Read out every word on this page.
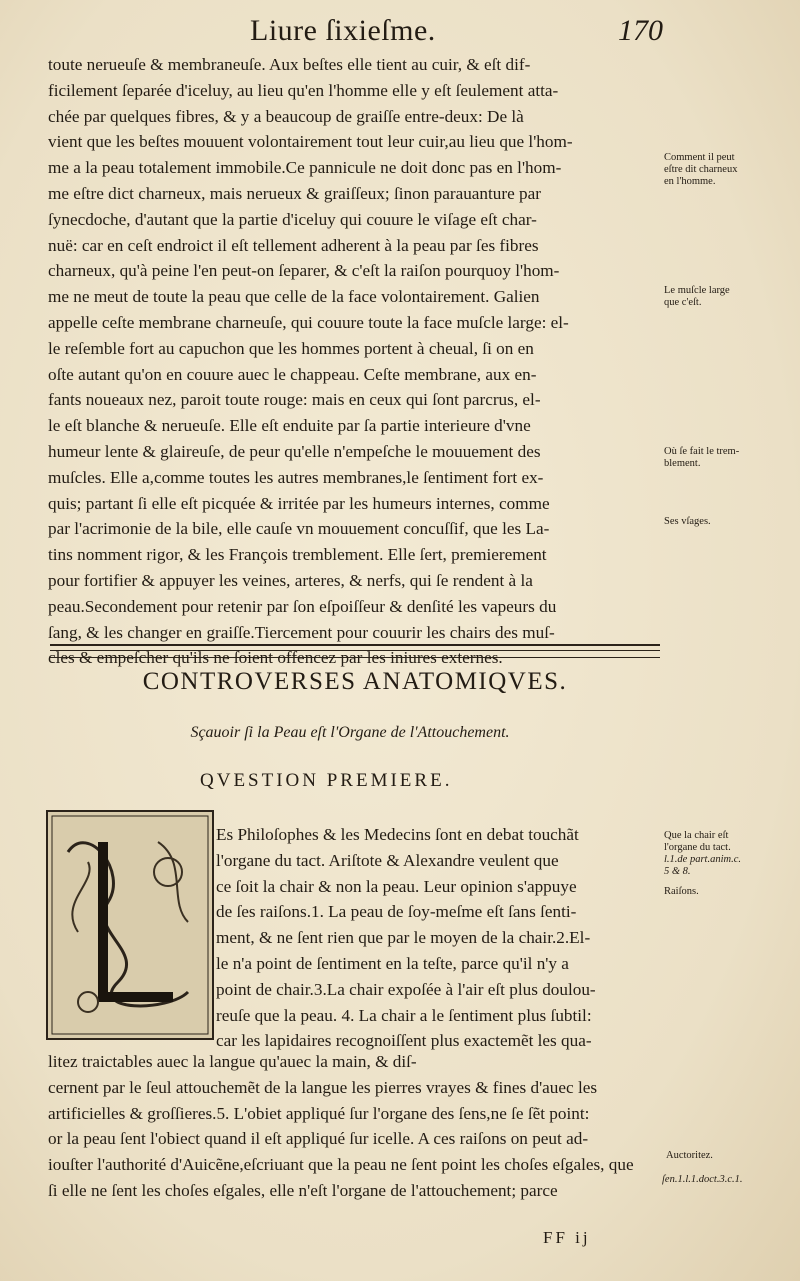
Liure ſixieſme.	170
toute nerueuſe & membraneuſe. Aux beſtes elle tient au cuir, & eſt dif-
ficilement ſeparée d'iceluy, au lieu qu'en l'homme elle y eſt ſeulement atta-
chée par quelques fibres, & y a beaucoup de graiſſe entre-deux: De là
vient que les beſtes mouuent volontairement tout leur cuir,au lieu que l'hom-
me a la peau totalement immobile.Ce pannicule ne doit donc pas en l'hom-
me eſtre dict charneux, mais nerueux & graiſſeux; ſinon parauanture par
ſynecdoche, d'autant que la partie d'iceluy qui couure le viſage eſt char-
nuë: car en ceſt endroict il eſt tellement adherent à la peau par ſes fibres
charneux, qu'à peine l'en peut-on ſeparer, & c'eſt la raiſon pourquoy l'hom-
me ne meut de toute la peau que celle de la face volontairement. Galien
appelle ceſte membrane charneuſe, qui couure toute la face muſcle large: el-
le reſemble fort au capuchon que les hommes portent à cheual, ſi on en
oſte autant qu'on en couure auec le chappeau. Ceſte membrane, aux en-
fants noueaux nez, paroit toute rouge: mais en ceux qui ſont parcrus, el-
le eſt blanche & nerueuſe. Elle eſt enduite par ſa partie interieure d'vne
humeur lente & glaireuſe, de peur qu'elle n'empeſche le mouuement des
muſcles. Elle a,comme toutes les autres membranes,le ſentiment fort ex-
quis; partant ſi elle eſt picquée & irritée par les humeurs internes, comme
par l'acrimonie de la bile, elle cauſe vn mouuement concuſſif, que les La-
tins nomment rigor, & les François tremblement. Elle ſert, premierement
pour fortifier & appuyer les veines, arteres, & nerfs, qui ſe rendent à la
peau.Secondement pour retenir par ſon eſpoiſſeur & denſité les vapeurs du
ſang, & les changer en graiſſe.Tiercement pour couurir les chairs des muſ-
cles & empeſcher qu'ils ne ſoient offencez par les iniures externes.
Comment il peut
eſtre dit charneux
en l'homme.
Le muſcle large
que c'eſt.
Où ſe fait le trem-
blement.
Ses vſages.
CONTROVERSES ANATOMIQVES.
Sçauoir ſi la Peau eſt l'Organe de l'Attouchement.
QVESTION PREMIERE.
Es Philoſophes & les Medecins ſont en debat touchãt
l'organe du tact. Ariſtote & Alexandre veulent que
ce ſoit la chair & non la peau. Leur opinion s'appuye
de ſes raiſons.1. La peau de ſoy-meſme eſt ſans ſenti-
ment, & ne ſent rien que par le moyen de la chair.2.El-
le n'a point de ſentiment en la teſte, parce qu'il n'y a
point de chair.3.La chair expoſée à l'air eſt plus doulou-
reuſe que la peau. 4. La chair a le ſentiment plus ſubtil:
car les lapidaires recognoiſſent plus exactemẽt les qua-
litez traictables auec la langue qu'auec la main, & diſ-
cernent par le ſeul attouchemẽt de la langue les pierres vrayes & fines d'auec les
artificielles & groſſieres.5. L'obiet appliqué ſur l'organe des ſens,ne ſe ſẽt point:
or la peau ſent l'obiect quand il eſt appliqué ſur icelle. A ces raiſons on peut ad-
iouſter l'authorité d'Auicẽne,eſcriuant que la peau ne ſent point les choſes eſgales, que
ſi elle ne ſent les choſes eſgales, elle n'eſt l'organe de l'attouchement; parce
Que la chair eſt
l'organe du tact.
l.1.de part.anim.c.
5 & 8.
Raiſons.
Auctoritez.
ſen.1.l.1.doct.3.c.1.
FF ij
